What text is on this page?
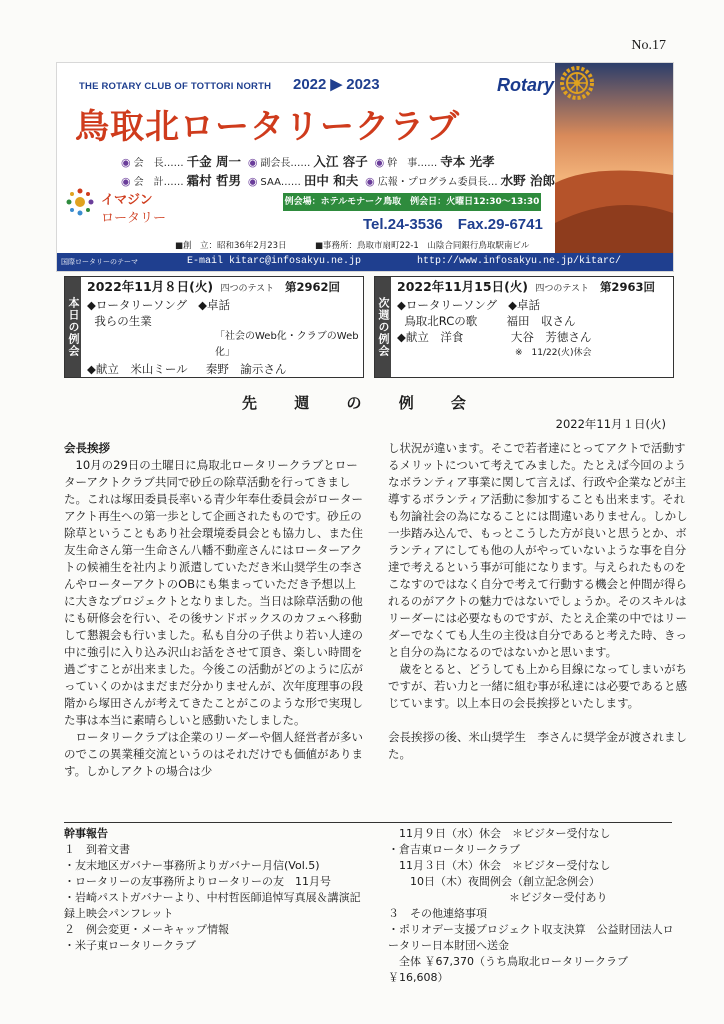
No.17
THE ROTARY CLUB OF TOTTORI NORTH 2022 ▶ 2023	Rotary
鳥取北ロータリークラブ
◉ 会　長…… 千金 周一 ◉ 副会長…… 入江 容子 ◉ 幹　事…… 寺本 光孝
◉ 会　計…… 霜村 哲男 ◉ SAA…… 田中 和夫 ◉ 広報・プログラム委員長… 水野 治郎
イマジン
ロータリー
例会場：ホテルモナーク鳥取　例会日：火曜日12:30～13:30
Tel.24-3536　Fax.29-6741
■創　立：昭和36年2月23日	■事務所：鳥取市扇町22-1　山陰合同銀行鳥取駅南ビル
国際ロータリーのテーマ	E-mail kitarc@infosakyu.ne.jp	http://www.infosakyu.ne.jp/kitarc/
本日の例会
2022年11月８日(火) 四つのテスト 第2962回
◆ロータリーソング ◆卓話
我らの生業
「社会のWeb化・クラブのWeb化」
◆献立　米山ミール 秦野　諭示さん
次週の例会
2022年11月15日(火) 四つのテスト 第2963回
◆ロータリーソング ◆卓話
鳥取北RCの歌	福田　収さん
◆献立　洋食	大谷　芳徳さん
※　11/22(火)休会
先 週 の 例 会
2022年11月１日(火)

会長挨拶

　10月の29日の土曜日に鳥取北ロータリークラブとローターアクトクラブ共同で砂丘の除草活動を行ってきました。これは塚田委員長率いる青少年奉仕委員会がローターアクト再生への第一歩として企画されたものです。砂丘の除草ということもあり社会環境委員会とも協力し、また住友生命さん第一生命さん八幡不動産さんにはローターアクトの候補生を社内より派遣していただき米山奨学生の李さんやローターアクトのOBにも集まっていただき予想以上に大きなプロジェクトとなりました。当日は除草活動の他にも研修会を行い、その後サンドボックスのカフェへ移動して懇親会も行いました。私も自分の子供より若い人達の中に強引に入り込み沢山お話をさせて頂き、楽しい時間を過ごすことが出来ました。今後この活動がどのように広がっていくのかはまだまだ分かりませんが、次年度理事の段階から塚田さんが考えてきたことがこのような形で実現した事は本当に素晴らしいと感動いたしました。

　ロータリークラブは企業のリーダーや個人経営者が多いのでこの異業種交流というのはそれだけでも価値があります。しかしアクトの場合は少

し状況が違います。そこで若者達にとってアクトで活動するメリットについて考えてみました。たとえば今回のようなボランティア事業に関して言えば、行政や企業などが主導するボランティア活動に参加することも出来ます。それも勿論社会の為になることには間違いありません。しかし一歩踏み込んで、もっとこうした方が良いと思うとか、ボランティアにしても他の人がやっていないような事を自分達で考えるという事が可能になります。与えられたものをこなすのではなく自分で考えて行動する機会と仲間が得られるのがアクトの魅力ではないでしょうか。そのスキルはリーダーには必要なものですが、たとえ企業の中ではリーダーでなくても人生の主役は自分であると考えた時、きっと自分の為になるのではないかと思います。

　歳をとると、どうしても上から目線になってしまいがちですが、若い力と一緒に組む事が私達には必要であると感じています。以上本日の会長挨拶といたします。

会長挨拶の後、米山奨学生　李さんに奨学金が渡されました。

幹事報告

１　到着文書

・友末地区ガバナー事務所よりガバナー月信(Vol.5)

・ロータリーの友事務所よりロータリーの友　11月号

・岩崎パストガバナーより、中村哲医師追悼写真展＆講演記録上映会パンフレット

２　例会変更・メーキャップ情報

・米子東ロータリークラブ

　11月９日（水）休会　＊ビジター受付なし

・倉吉東ロータリークラブ

　11月３日（木）休会　＊ビジター受付なし

　　10日（木）夜間例会（創立記念例会）

　　　　　　　　　　　＊ビジター受付あり

３　その他連絡事項

・ポリオデー支援プロジェクト収支決算　公益財団法人ロータリー日本財団へ送金

　全体 ￥67,370（うち鳥取北ロータリークラブ￥16,608）
